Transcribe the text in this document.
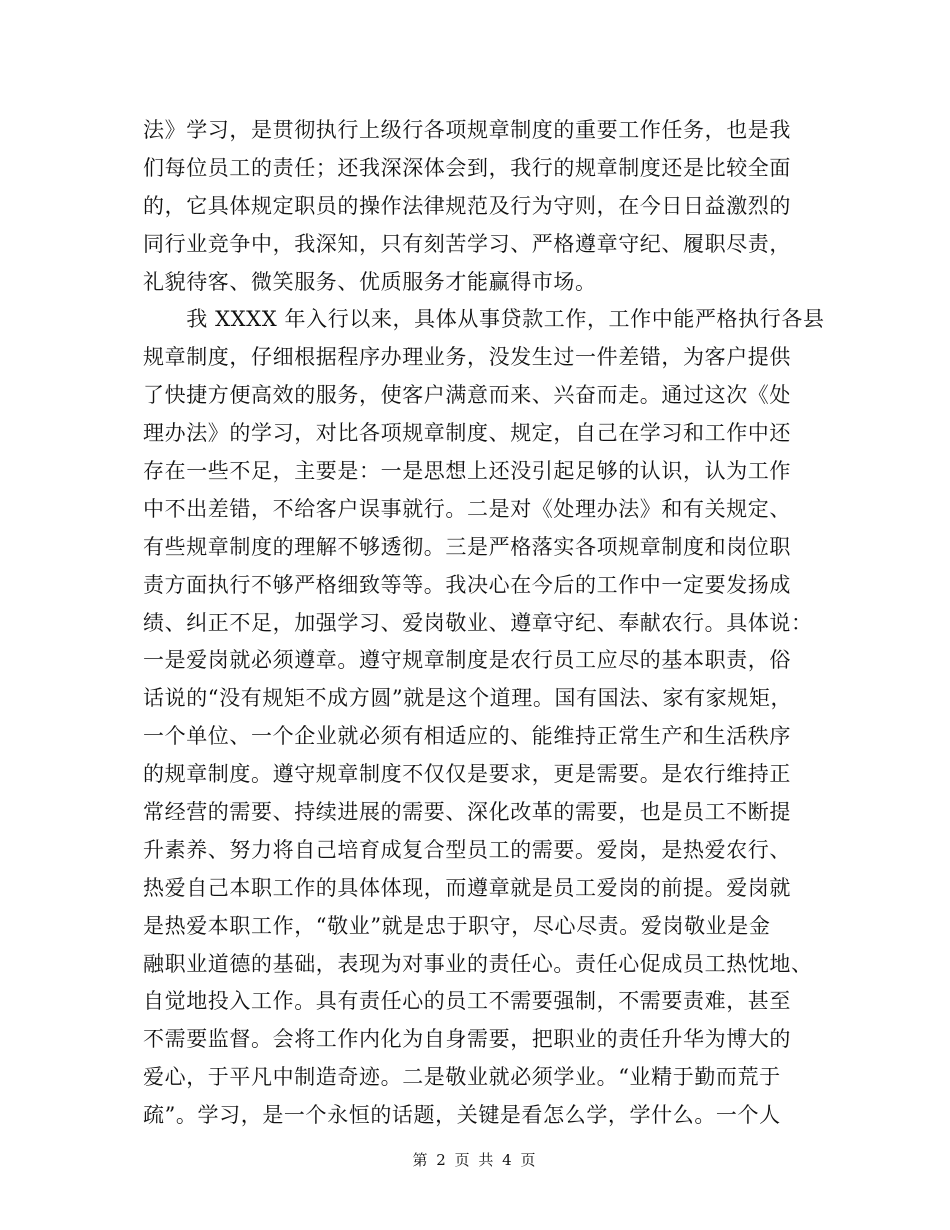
法》学习，是贯彻执行上级行各项规章制度的重要工作任务，也是我
们每位员工的责任；还我深深体会到，我行的规章制度还是比较全面
的，它具体规定职员的操作法律规范及行为守则，在今日日益激烈的
同行业竞争中，我深知，只有刻苦学习、严格遵章守纪、履职尽责，
礼貌待客、微笑服务、优质服务才能赢得市场。
　　我 XXXX 年入行以来，具体从事贷款工作，工作中能严格执行各县
规章制度，仔细根据程序办理业务，没发生过一件差错，为客户提供
了快捷方便高效的服务，使客户满意而来、兴奋而走。通过这次《处
理办法》的学习，对比各项规章制度、规定，自己在学习和工作中还
存在一些不足，主要是：一是思想上还没引起足够的认识，认为工作
中不出差错，不给客户误事就行。二是对《处理办法》和有关规定、
有些规章制度的理解不够透彻。三是严格落实各项规章制度和岗位职
责方面执行不够严格细致等等。我决心在今后的工作中一定要发扬成
绩、纠正不足，加强学习、爱岗敬业、遵章守纪、奉献农行。具体说：
一是爱岗就必须遵章。遵守规章制度是农行员工应尽的基本职责，俗
话说的“没有规矩不成方圆”就是这个道理。国有国法、家有家规矩，
一个单位、一个企业就必须有相适应的、能维持正常生产和生活秩序
的规章制度。遵守规章制度不仅仅是要求，更是需要。是农行维持正
常经营的需要、持续进展的需要、深化改革的需要，也是员工不断提
升素养、努力将自己培育成复合型员工的需要。爱岗，是热爱农行、
热爱自己本职工作的具体体现，而遵章就是员工爱岗的前提。爱岗就
是热爱本职工作，“敬业”就是忠于职守，尽心尽责。爱岗敬业是金
融职业道德的基础，表现为对事业的责任心。责任心促成员工热忱地、
自觉地投入工作。具有责任心的员工不需要强制，不需要责难，甚至
不需要监督。会将工作内化为自身需要，把职业的责任升华为博大的
爱心，于平凡中制造奇迹。二是敬业就必须学业。“业精于勤而荒于
疏”。学习，是一个永恒的话题，关键是看怎么学，学什么。一个人
第 2 页 共 4 页
